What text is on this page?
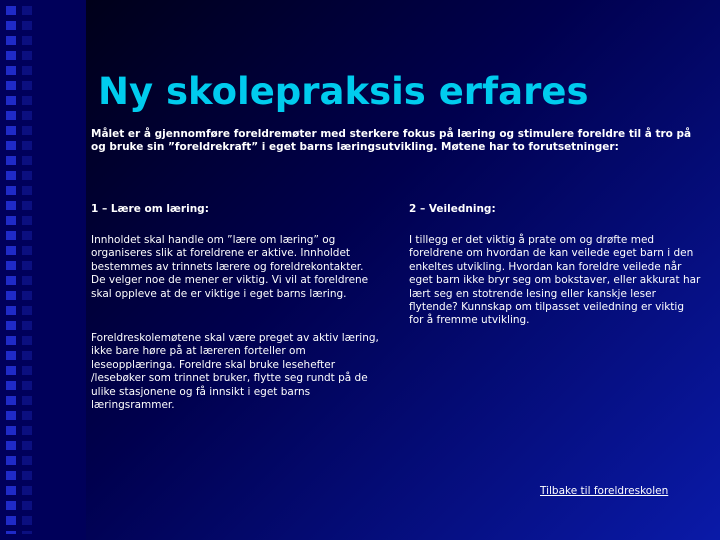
Ny skolepraksis erfares

Målet er å gjennomføre foreldremøter med sterkere fokus på læring og stimulere foreldre til å tro på og bruke sin ”foreldrekraft” i eget barns læringsutvikling. Møtene har to forutsetninger:

1 – Lære om læring:	2 – Veiledning:

Innholdet skal handle om ”lære om læring” og organiseres slik at foreldrene er aktive. Innholdet bestemmes av trinnets lærere og foreldrekontakter. De velger noe de mener er viktig. Vi vil at foreldrene skal oppleve at de er viktige i eget barns læring.

I tillegg er det viktig å prate om og drøfte med foreldrene om hvordan de kan veilede eget barn i den enkeltes utvikling. Hvordan kan foreldre veilede når eget barn ikke bryr seg om bokstaver, eller akkurat har lært seg en stotrende lesing eller kanskje leser flytende? Kunnskap om tilpasset veiledning er viktig for å fremme utvikling.

Foreldreskolemøtene skal være preget av aktiv læring, ikke bare høre på at læreren forteller om leseopplæringa. Foreldre skal bruke lesehefter /lesebøker som trinnet bruker, flytte seg rundt på de ulike stasjonene og få innsikt i eget barns læringsrammer.

Tilbake til foreldreskolen
